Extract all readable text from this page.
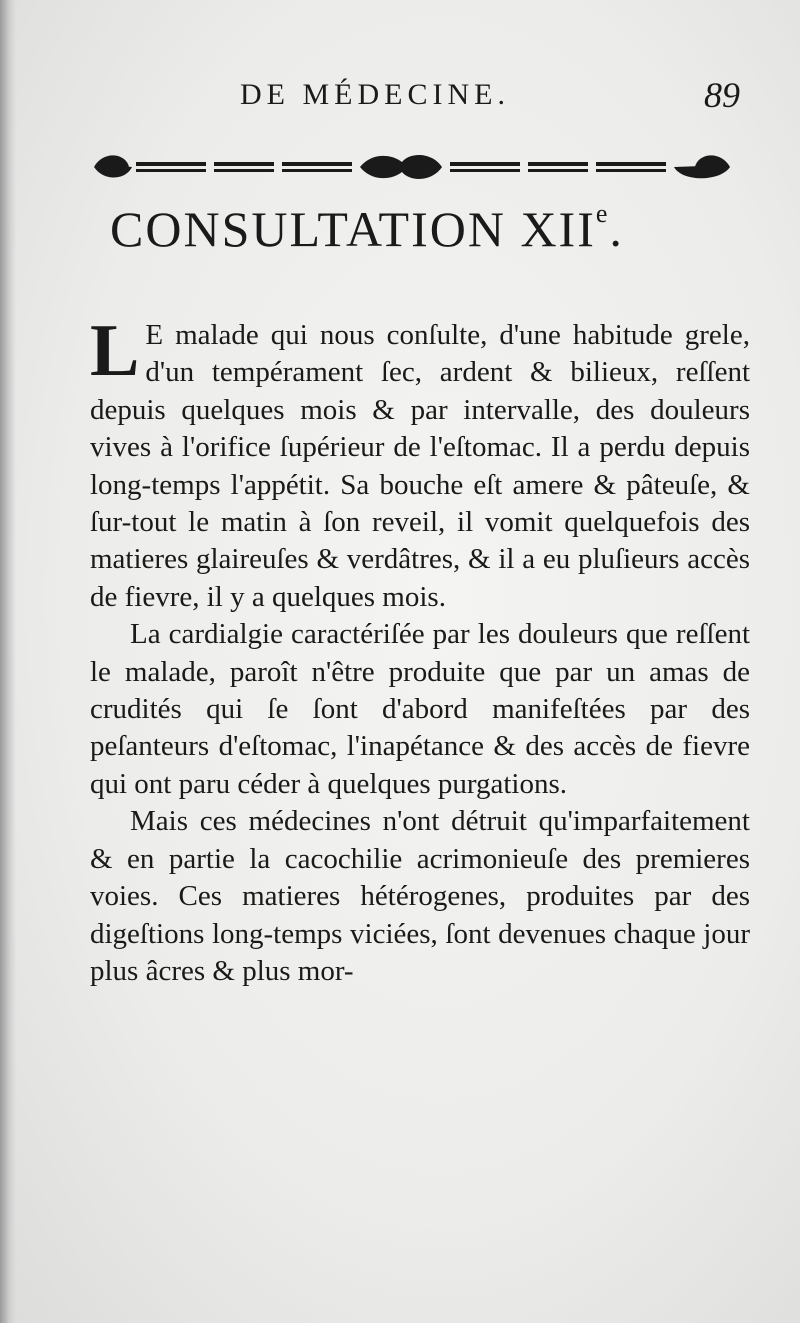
DE MÉDECINE.	89
CONSULTATION XIIe.

L E malade qui nous conſulte, d'une habitude grele, d'un tempérament ſec, ardent & bilieux, reſſent depuis quelques mois & par intervalle, des douleurs vives à l'orifice ſupérieur de l'eſtomac. Il a perdu depuis long-temps l'appétit. Sa bouche eſt amere & pâteuſe, & ſur-tout le matin à ſon reveil, il vomit quelquefois des matieres glaireuſes & verdâtres, & il a eu pluſieurs accès de fievre, il y a quelques mois.

La cardialgie caractériſée par les douleurs que reſſent le malade, paroît n'être produite que par un amas de crudités qui ſe ſont d'abord manifeſtées par des peſanteurs d'eſtomac, l'inapétance & des accès de fievre qui ont paru céder à quelques purgations.

Mais ces médecines n'ont détruit qu'imparfaitement & en partie la cacochilie acrimonieuſe des premieres voies. Ces matieres hétérogenes, produites par des digeſtions long-temps viciées, ſont devenues chaque jour plus âcres & plus mor-
